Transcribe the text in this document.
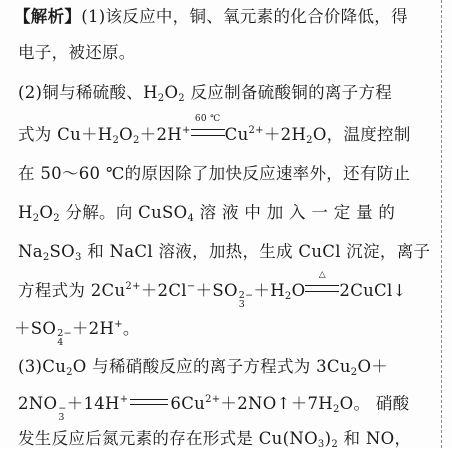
【解析】(1)该反应中，铜、氧元素的化合价降低，得
电子，被还原。
(2)铜与稀硫酸、$H_2O_2$ 反应制备硫酸铜的离子方程
式为 $Cu+H_2O_2+2H^+$
60 ℃
$Cu^{2+}+2H_2O$，温度控制
在 50～60 ℃的原因除了加快反应速率外，还有防止
$H_2O_2$ 分解。向 CuSO$_4$ 溶 液 中 加 入 一 定 量 的
$Na_2SO_3$ 和 NaCl 溶液，加热，生成 CuCl 沉淀，离子
方程式为 $2Cu^{2+}+2Cl^-+SO$ 2−
3
$+H_2O$
△
2CuCl↓
＋SO 2−
4
＋2H+。
$(3)Cu_2O$ 与稀硝酸反应的离子方程式为 $3Cu_2O+$
2NO −
3
＋14H+	$6Cu^{2+}+2NO↑+7H_2O$。 硝酸
发生反应后氮元素的存在形式是 $Cu(NO_3)_2$ 和 NO，
